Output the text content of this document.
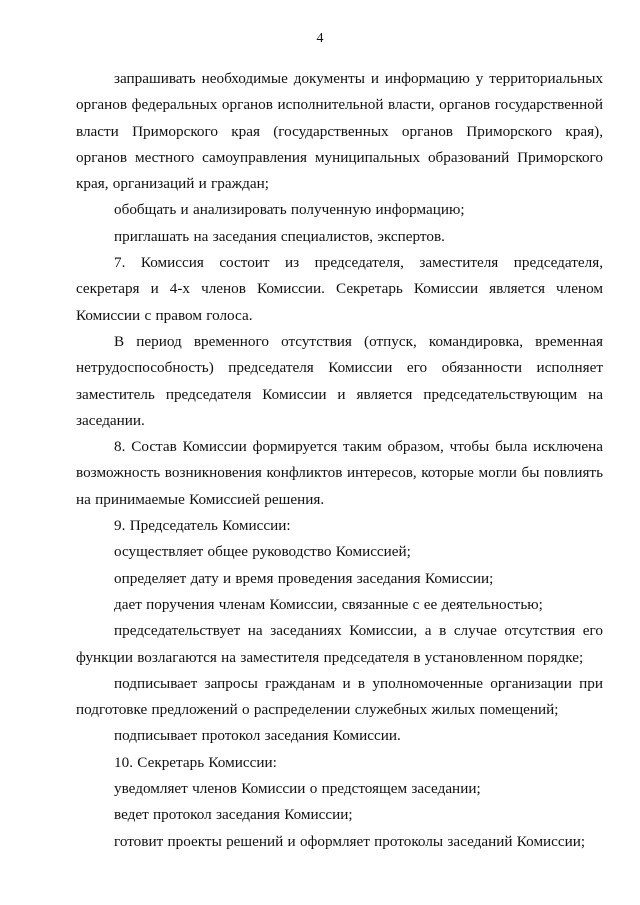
4

запрашивать необходимые документы и информацию у территориальных органов федеральных органов исполнительной власти, органов государственной власти Приморского края (государственных органов Приморского края), органов местного самоуправления муниципальных образований Приморского края, организаций и граждан;

обобщать и анализировать полученную информацию;

приглашать на заседания специалистов, экспертов.

7. Комиссия состоит из председателя, заместителя председателя, секретаря и 4-х членов Комиссии. Секретарь Комиссии является членом Комиссии с правом голоса.

В период временного отсутствия (отпуск, командировка, временная нетрудоспособность) председателя Комиссии его обязанности исполняет заместитель председателя Комиссии и является председательствующим на заседании.

8. Состав Комиссии формируется таким образом, чтобы была исключена возможность возникновения конфликтов интересов, которые могли бы повлиять на принимаемые Комиссией решения.

9. Председатель Комиссии:

осуществляет общее руководство Комиссией;

определяет дату и время проведения заседания Комиссии;

дает поручения членам Комиссии, связанные с ее деятельностью;

председательствует на заседаниях Комиссии, а в случае отсутствия его функции возлагаются на заместителя председателя в установленном порядке;

подписывает запросы гражданам и в уполномоченные организации при подготовке предложений о распределении служебных жилых помещений;

подписывает протокол заседания Комиссии.

10. Секретарь Комиссии:

уведомляет членов Комиссии о предстоящем заседании;

ведет протокол заседания Комиссии;

готовит проекты решений и оформляет протоколы заседаний Комиссии;
